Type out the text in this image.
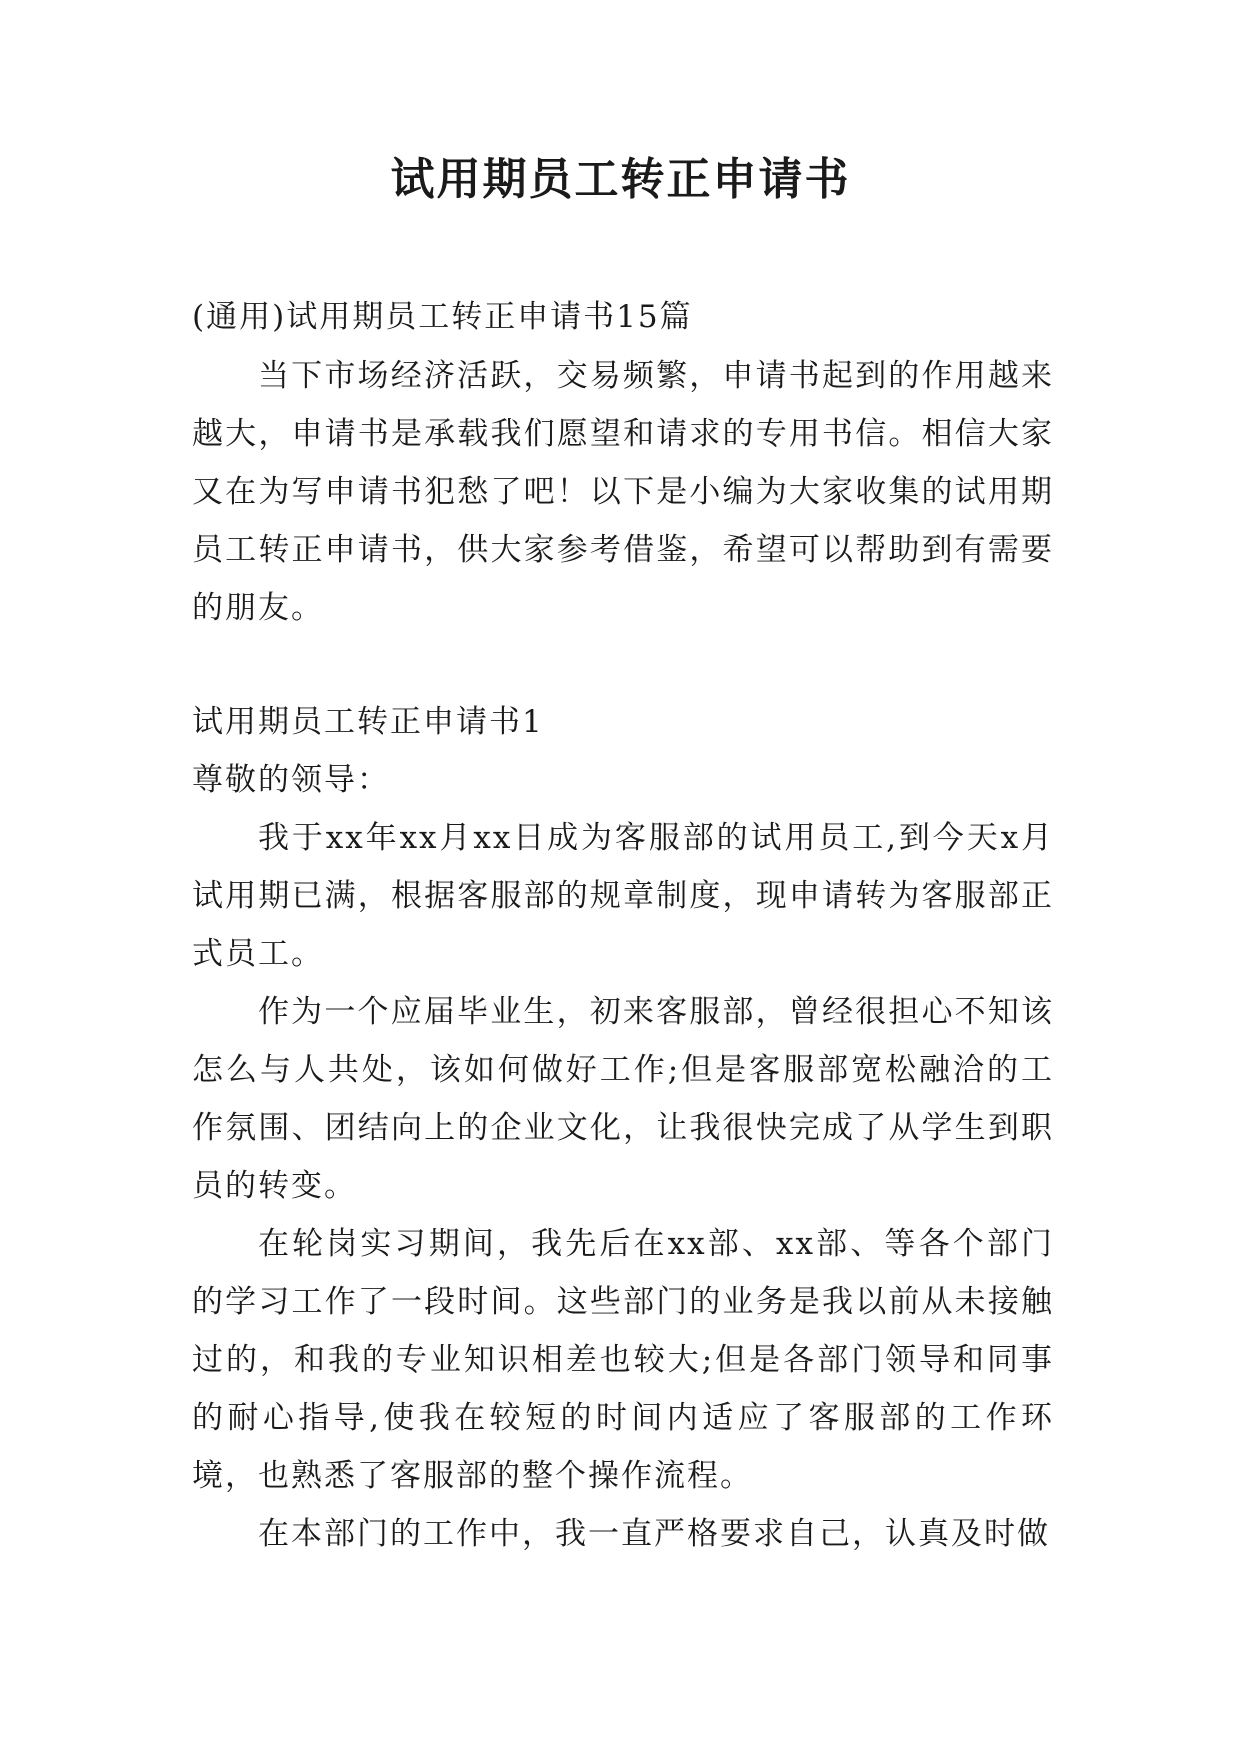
试用期员工转正申请书

(通用)试用期员工转正申请书15篇

当下市场经济活跃，交易频繁，申请书起到的作用越来越大，申请书是承载我们愿望和请求的专用书信。相信大家又在为写申请书犯愁了吧！以下是小编为大家收集的试用期员工转正申请书，供大家参考借鉴，希望可以帮助到有需要的朋友。

试用期员工转正申请书1

尊敬的领导：

我于xx年xx月xx日成为客服部的试用员工,到今天x月试用期已满，根据客服部的规章制度，现申请转为客服部正式员工。

作为一个应届毕业生，初来客服部，曾经很担心不知该怎么与人共处，该如何做好工作;但是客服部宽松融洽的工作氛围、团结向上的企业文化，让我很快完成了从学生到职员的转变。

在轮岗实习期间，我先后在xx部、xx部、等各个部门的学习工作了一段时间。这些部门的业务是我以前从未接触过的，和我的专业知识相差也较大;但是各部门领导和同事的耐心指导,使我在较短的时间内适应了客服部的工作环境，也熟悉了客服部的整个操作流程。

在本部门的工作中，我一直严格要求自己，认真及时做
